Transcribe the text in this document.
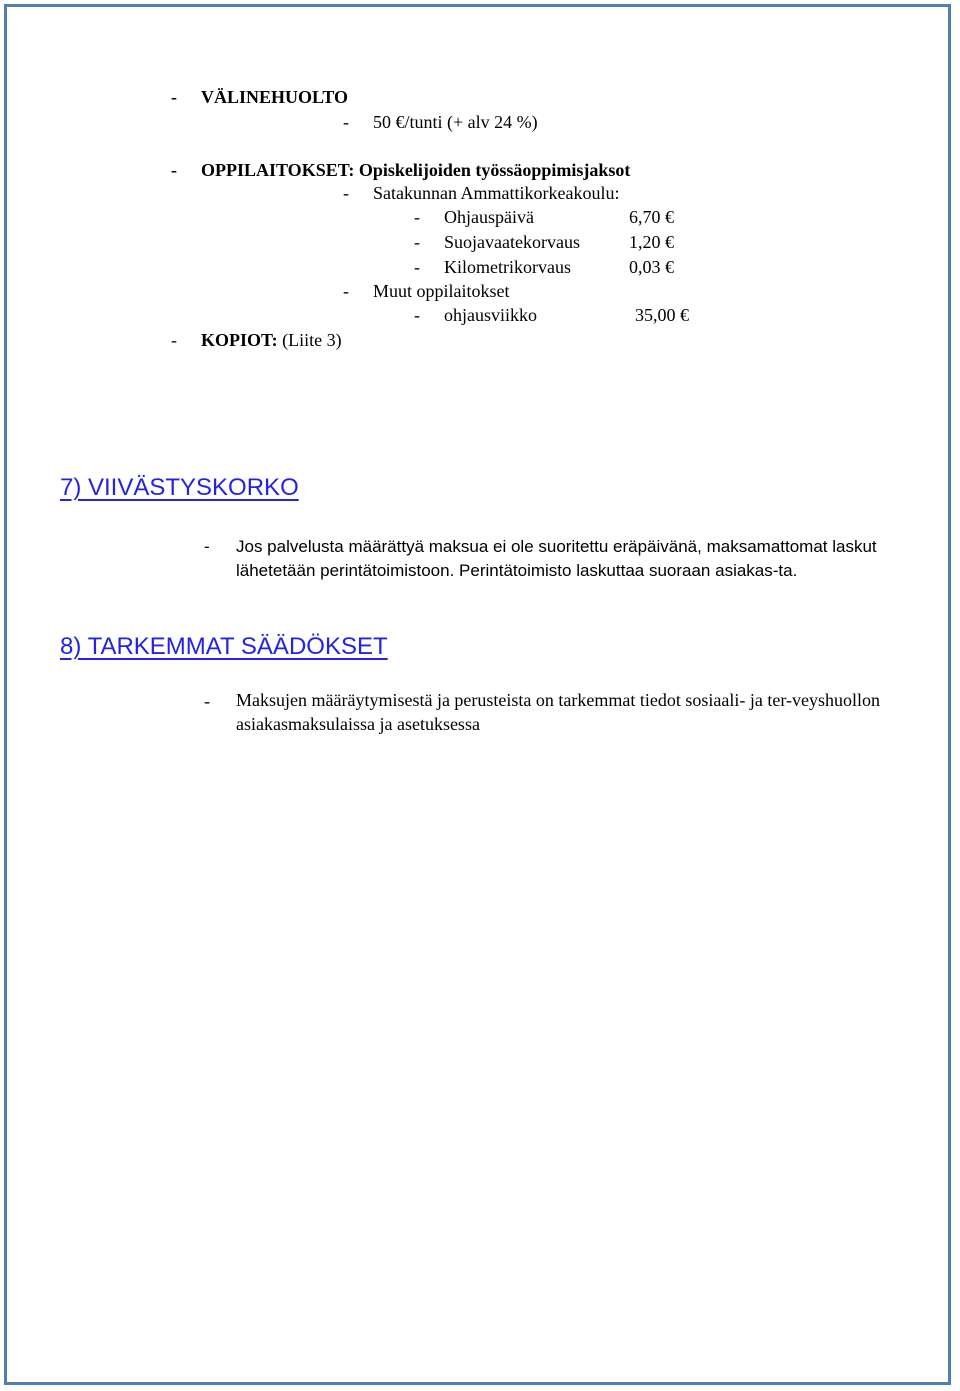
- VÄLINEHUOLTO
- 50 €/tunti (+ alv 24 %)
- OPPILAITOKSET: Opiskelijoiden työssäoppimisjaksot
- Satakunnan Ammattikorkeakoulu:
- Ohjauspäivä	6,70 €
- Suojavaatekorvaus	1,20 €
- Kilometrikorvaus	0,03 €
- Muut oppilaitokset
- ohjausviikko	35,00 €
- KOPIOT: (Liite 3)
7) VIIVÄSTYSKORKO
- Jos palvelusta määrättyä maksua ei ole suoritettu eräpäivänä, maksamattomat laskut lähetetään perintätoimistoon. Perintätoimisto laskuttaa suoraan asiakas-ta.
8) TARKEMMAT SÄÄDÖKSET
- Maksujen määräytymisestä ja perusteista on tarkemmat tiedot sosiaali- ja ter-veyshuollon asiakasmaksulaissa ja asetuksessa
